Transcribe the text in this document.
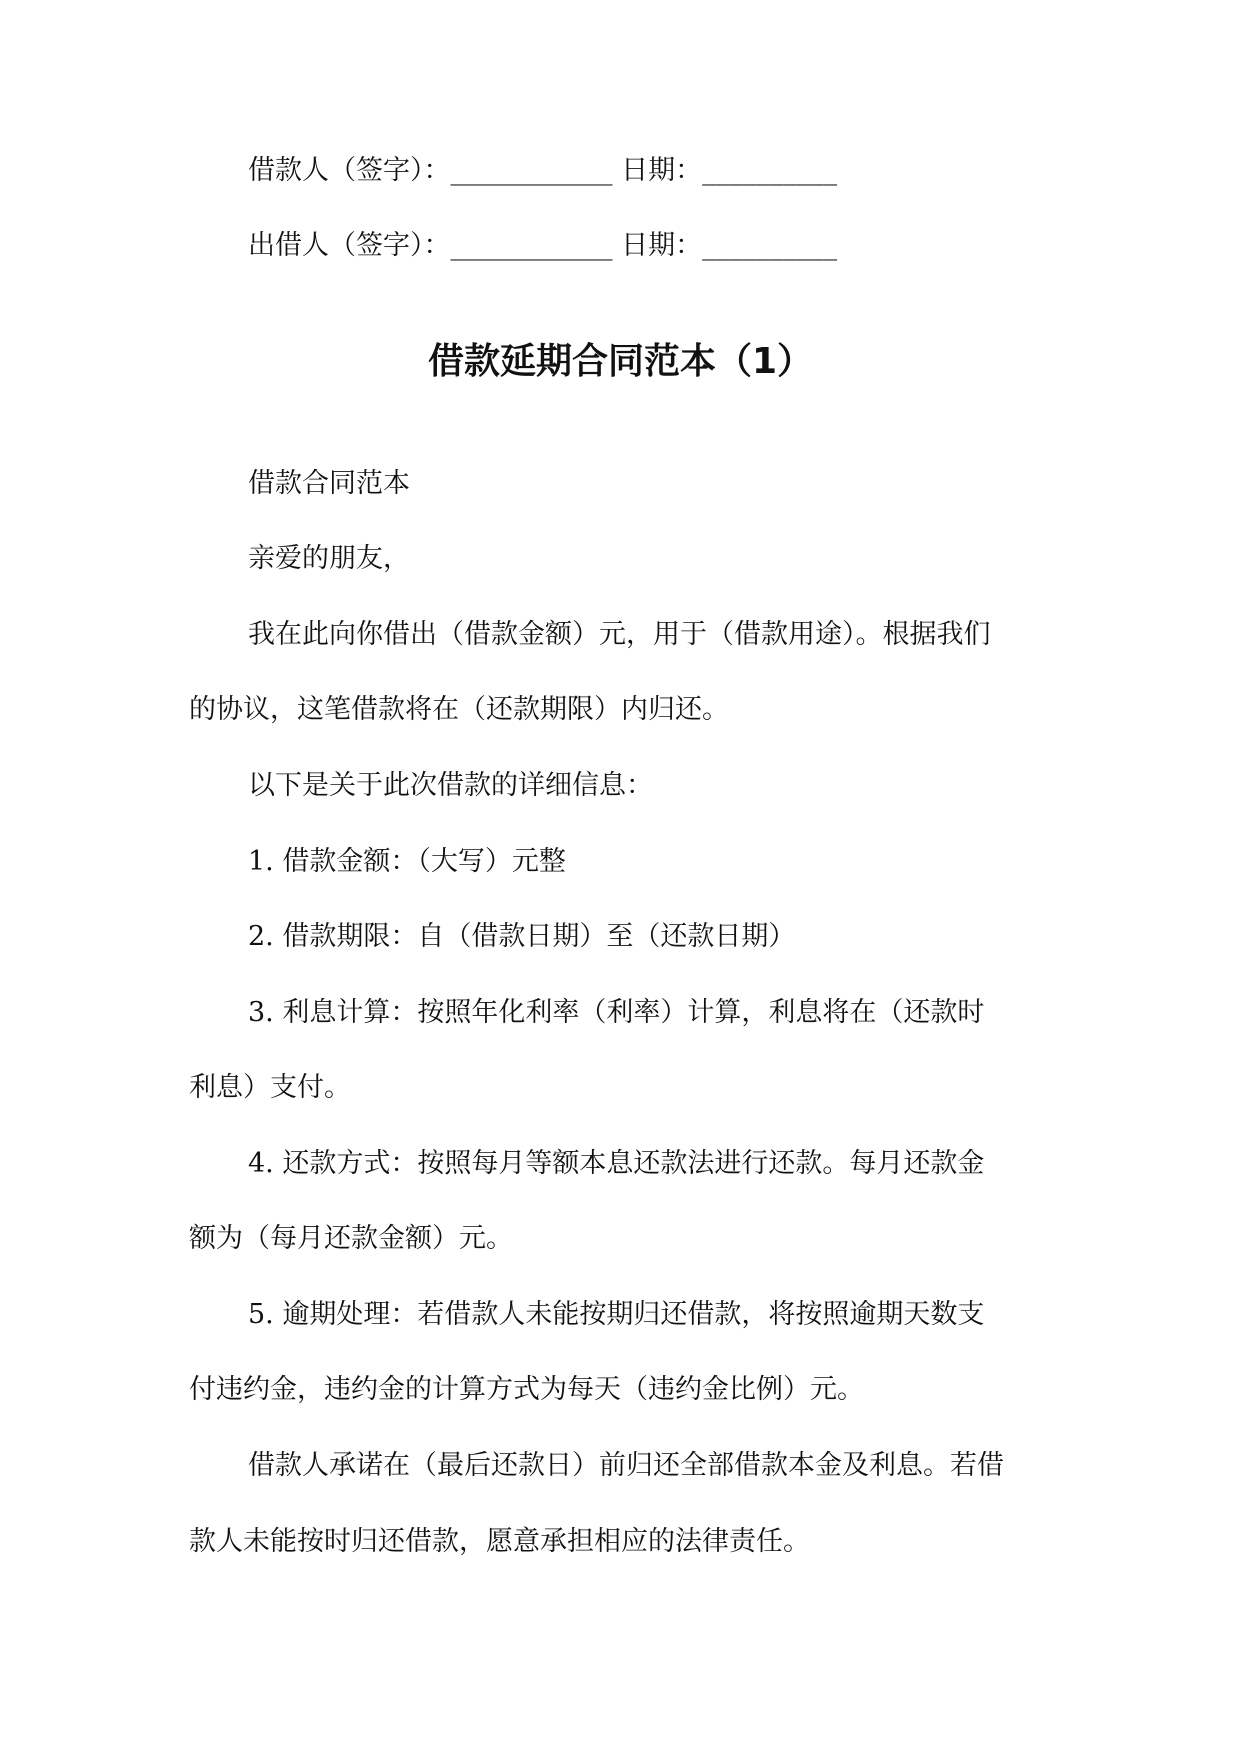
借款人（签字）：____________ 日期：__________
出借人（签字）：____________ 日期：__________
借款延期合同范本（1）
借款合同范本
亲爱的朋友，
我在此向你借出（借款金额）元，用于（借款用途）。根据我们
的协议，这笔借款将在（还款期限）内归还。
以下是关于此次借款的详细信息：
1. 借款金额：（大写）元整
2. 借款期限：自（借款日期）至（还款日期）
3. 利息计算：按照年化利率（利率）计算，利息将在（还款时
利息）支付。
4. 还款方式：按照每月等额本息还款法进行还款。每月还款金
额为（每月还款金额）元。
5. 逾期处理：若借款人未能按期归还借款，将按照逾期天数支
付违约金，违约金的计算方式为每天（违约金比例）元。
借款人承诺在（最后还款日）前归还全部借款本金及利息。若借
款人未能按时归还借款，愿意承担相应的法律责任。
